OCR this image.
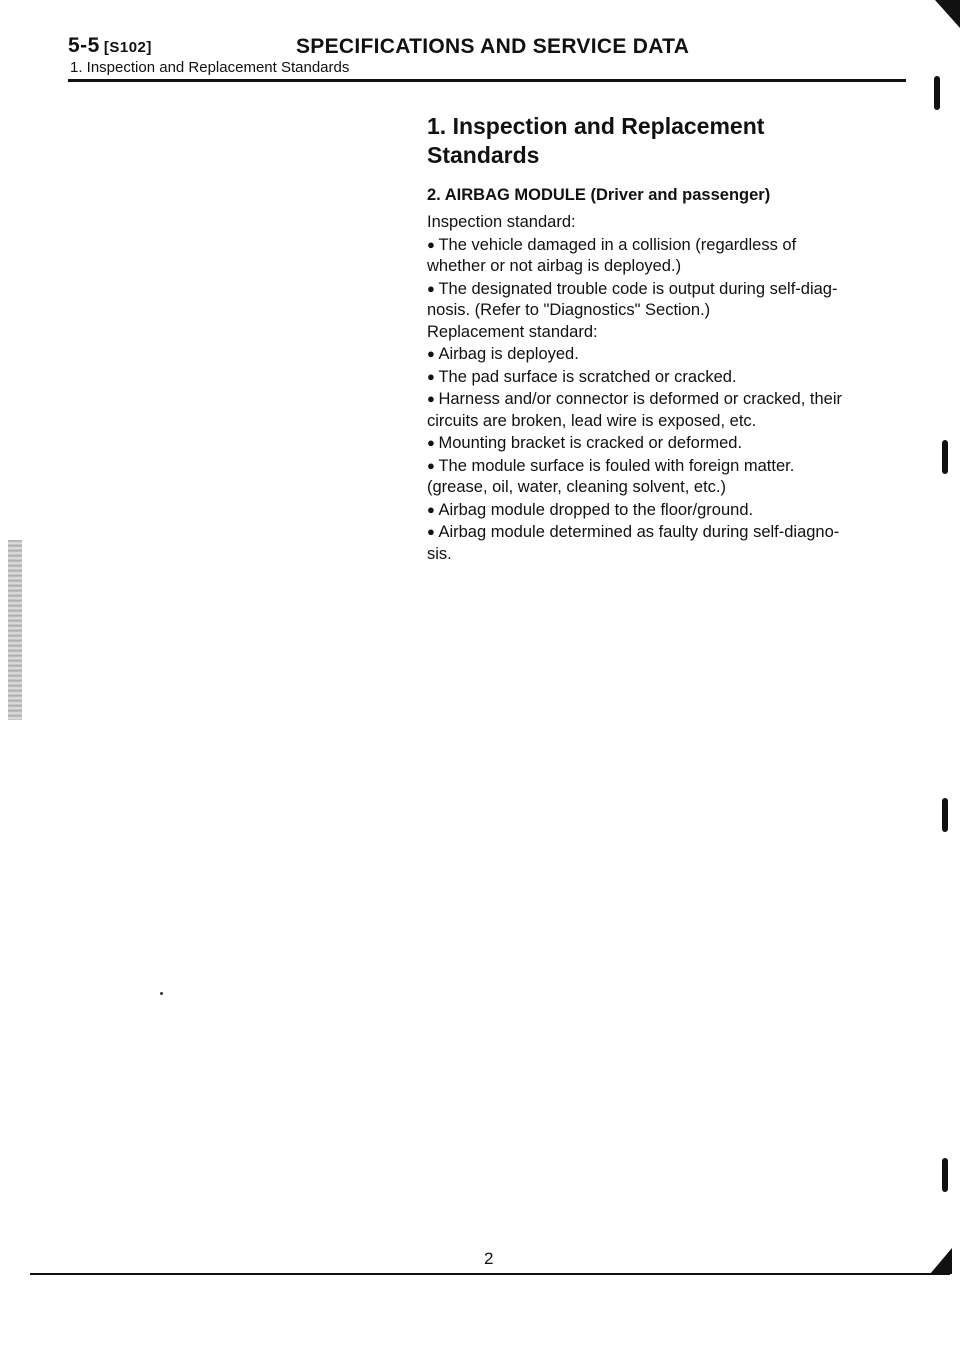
5-5 [S102]	SPECIFICATIONS AND SERVICE DATA
1. Inspection and Replacement Standards
1. Inspection and Replacement
Standards
2. AIRBAG MODULE (Driver and passenger)

Inspection standard:

● The vehicle damaged in a collision (regardless of

whether or not airbag is deployed.)

● The designated trouble code is output during self-diag-

nosis. (Refer to "Diagnostics" Section.)

Replacement standard:

● Airbag is deployed.

● The pad surface is scratched or cracked.

● Harness and/or connector is deformed or cracked, their

circuits are broken, lead wire is exposed, etc.

● Mounting bracket is cracked or deformed.

● The module surface is fouled with foreign matter.

(grease, oil, water, cleaning solvent, etc.)

● Airbag module dropped to the floor/ground.

● Airbag module determined as faulty during self-diagno-

sis.

2
